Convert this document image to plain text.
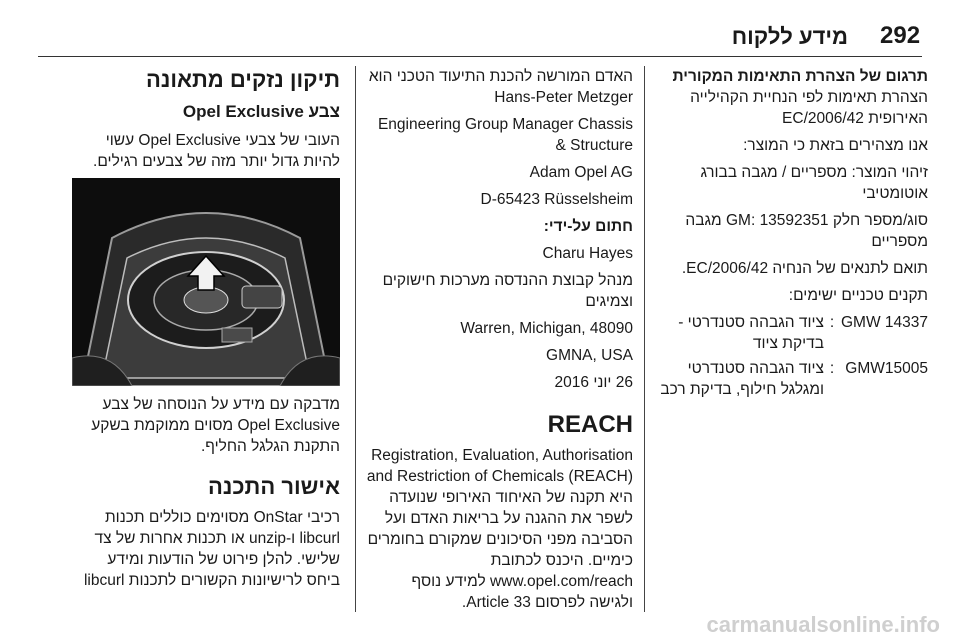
292
מידע ללקוח

תרגום של הצהרת התאימות המקורית

הצהרת תאימות לפי הנחיית הקהילייה האירופית 2006/42/EC

אנו מצהירים בזאת כי המוצר:

זיהוי המוצר: מספריים / מגבה בבורג אוטומטיבי

סוג/מספר חלק GM: 13592351 מגבה מספריים

תואם לתנאים של הנחיה 2006/42/EC.

תקנים טכניים ישימים:

GMW 14337
:
ציוד הגבהה סטנדרטי - בדיקת ציוד
GMW15005
:
ציוד הגבהה סטנדרטי ומגלגל חילוף, בדיקת רכב

האדם המורשה להכנת התיעוד הטכני הוא

Hans-Peter Metzger

Engineering Group Manager Chassis & Structure

Adam Opel AG

D-65423 Rüsselsheim

חתום על-ידי:

Charu Hayes

מנהל קבוצת ההנדסה מערכות חישוקים וצמיגים

Warren, Michigan, 48090

GMNA, USA

26 יוני 2016

REACH

Registration, Evaluation, Authorisation and Restriction of Chemicals (REACH) היא תקנה של האיחוד האירופי שנועדה לשפר את ההגנה על בריאות האדם ועל הסביבה מפני הסיכונים שמקורם בחומרים כימיים. היכנס לכתובת www.opel.com/reach למידע נוסף ולגישה לפרסום Article 33.

תיקון נזקים מתאונה

צבע Opel Exclusive

העובי של צבעי Opel Exclusive עשוי להיות גדול יותר מזה של צבעים רגילים.

מדבקה עם מידע על הנוסחה של צבע Opel Exclusive מסוים ממוקמת בשקע התקנת הגלגל החליף.

אישור התכנה

רכיבי OnStar מסוימים כוללים תכנות libcurl ו-unzip או תכנות אחרות של צד שלישי. להלן פירוט של הודעות ומידע ביחס לרישיונות הקשורים לתכנות libcurl

carmanualsonline.info
